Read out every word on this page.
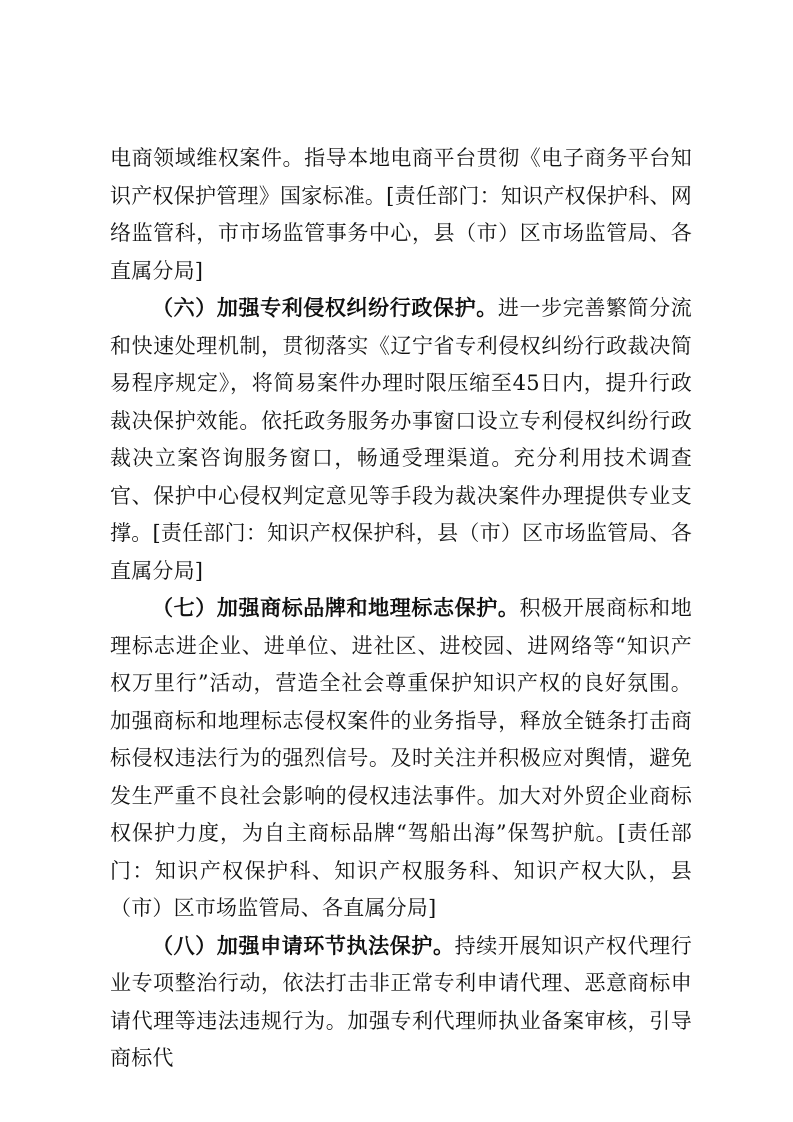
电商领域维权案件。指导本地电商平台贯彻《电子商务平台知识产权保护管理》国家标准。[责任部门：知识产权保护科、网络监管科，市市场监管事务中心，县（市）区市场监管局、各直属分局]

（六）加强专利侵权纠纷行政保护。进一步完善繁简分流和快速处理机制，贯彻落实《辽宁省专利侵权纠纷行政裁决简易程序规定》，将简易案件办理时限压缩至45日内，提升行政裁决保护效能。依托政务服务办事窗口设立专利侵权纠纷行政裁决立案咨询服务窗口，畅通受理渠道。充分利用技术调查官、保护中心侵权判定意见等手段为裁决案件办理提供专业支撑。[责任部门：知识产权保护科，县（市）区市场监管局、各直属分局]

（七）加强商标品牌和地理标志保护。积极开展商标和地理标志进企业、进单位、进社区、进校园、进网络等“知识产权万里行”活动，营造全社会尊重保护知识产权的良好氛围。加强商标和地理标志侵权案件的业务指导，释放全链条打击商标侵权违法行为的强烈信号。及时关注并积极应对舆情，避免发生严重不良社会影响的侵权违法事件。加大对外贸企业商标权保护力度，为自主商标品牌“驾船出海”保驾护航。[责任部门：知识产权保护科、知识产权服务科、知识产权大队，县（市）区市场监管局、各直属分局]

（八）加强申请环节执法保护。持续开展知识产权代理行业专项整治行动，依法打击非正常专利申请代理、恶意商标申请代理等违法违规行为。加强专利代理师执业备案审核，引导商标代
